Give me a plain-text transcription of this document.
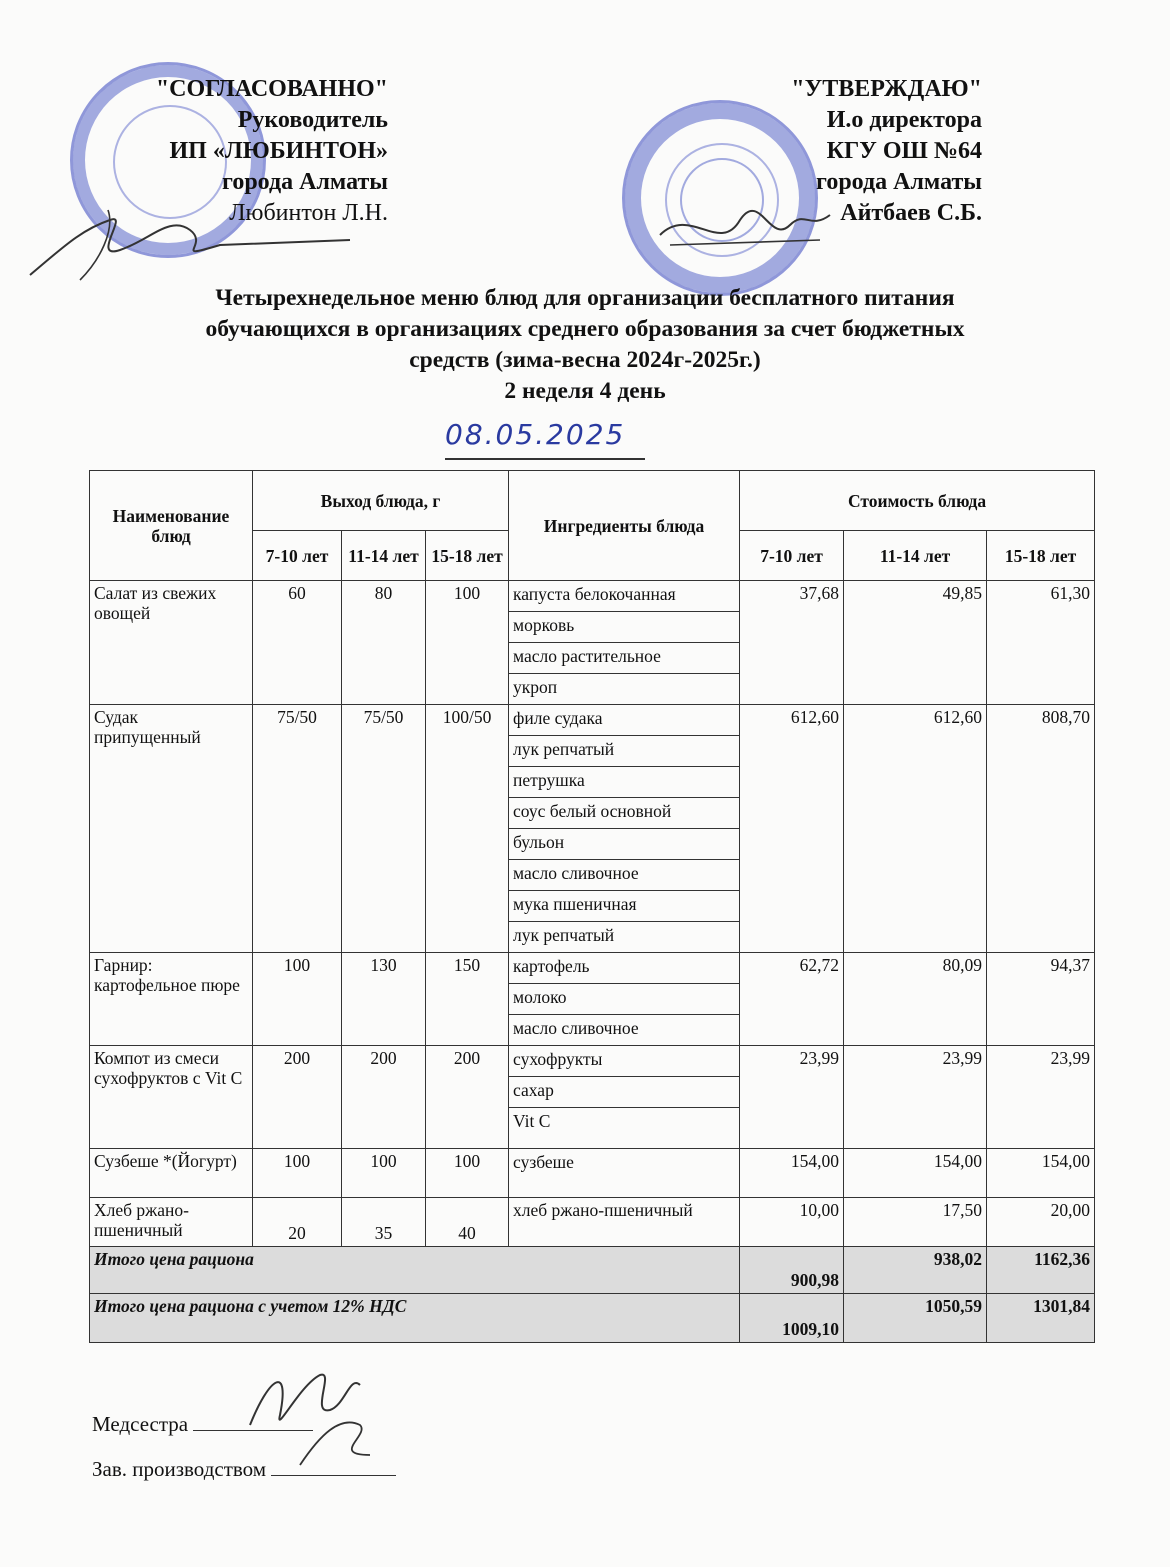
"СОГЛАСОВАННО"
Руководитель
ИП «ЛЮБИНТОН»
города Алматы
Любинтон Л.Н.
"УТВЕРЖДАЮ"
И.о директора
КГУ ОШ №64
города Алматы
Айтбаев С.Б.
Четырехнедельное меню блюд для организации бесплатного питания
обучающихся в организациях среднего образования за счет бюджетных
средств (зима-весна 2024г-2025г.)
2 неделя 4 день
08.05.2025
Наименование блюд	Выход блюда, г			Ингредиенты блюда	Стоимость блюда		
	7-10 лет	11-14 лет	15-18 лет		7-10 лет	11-14 лет	15-18 лет
Салат из свежих овощей	60	80	100	капуста белокочанная	37,68	49,85	61,30
				морковь			
				масло растительное			
				укроп			
Судак припущенный	75/50	75/50	100/50	филе судака	612,60	612,60	808,70
				лук репчатый			
				петрушка			
				соус белый основной			
				бульон			
				масло сливочное			
				мука пшеничная			
				лук репчатый			
Гарнир: картофельное пюре	100	130	150	картофель	62,72	80,09	94,37
				молоко			
				масло сливочное			
Компот из смеси сухофруктов с Vit C	200	200	200	сухофрукты	23,99	23,99	23,99
				сахар			
				Vit C			
Сузбеше *(Йогурт)	100	100	100	сузбеше	154,00	154,00	154,00
Хлеб ржано-пшеничный	20	35	40	хлеб ржано-пшеничный	10,00	17,50	20,00
Итого цена рациона					900,98	938,02	1162,36
Итого цена рациона с учетом 12% НДС					1009,10	1050,59	1301,84
Медсестра
Зав. производством
